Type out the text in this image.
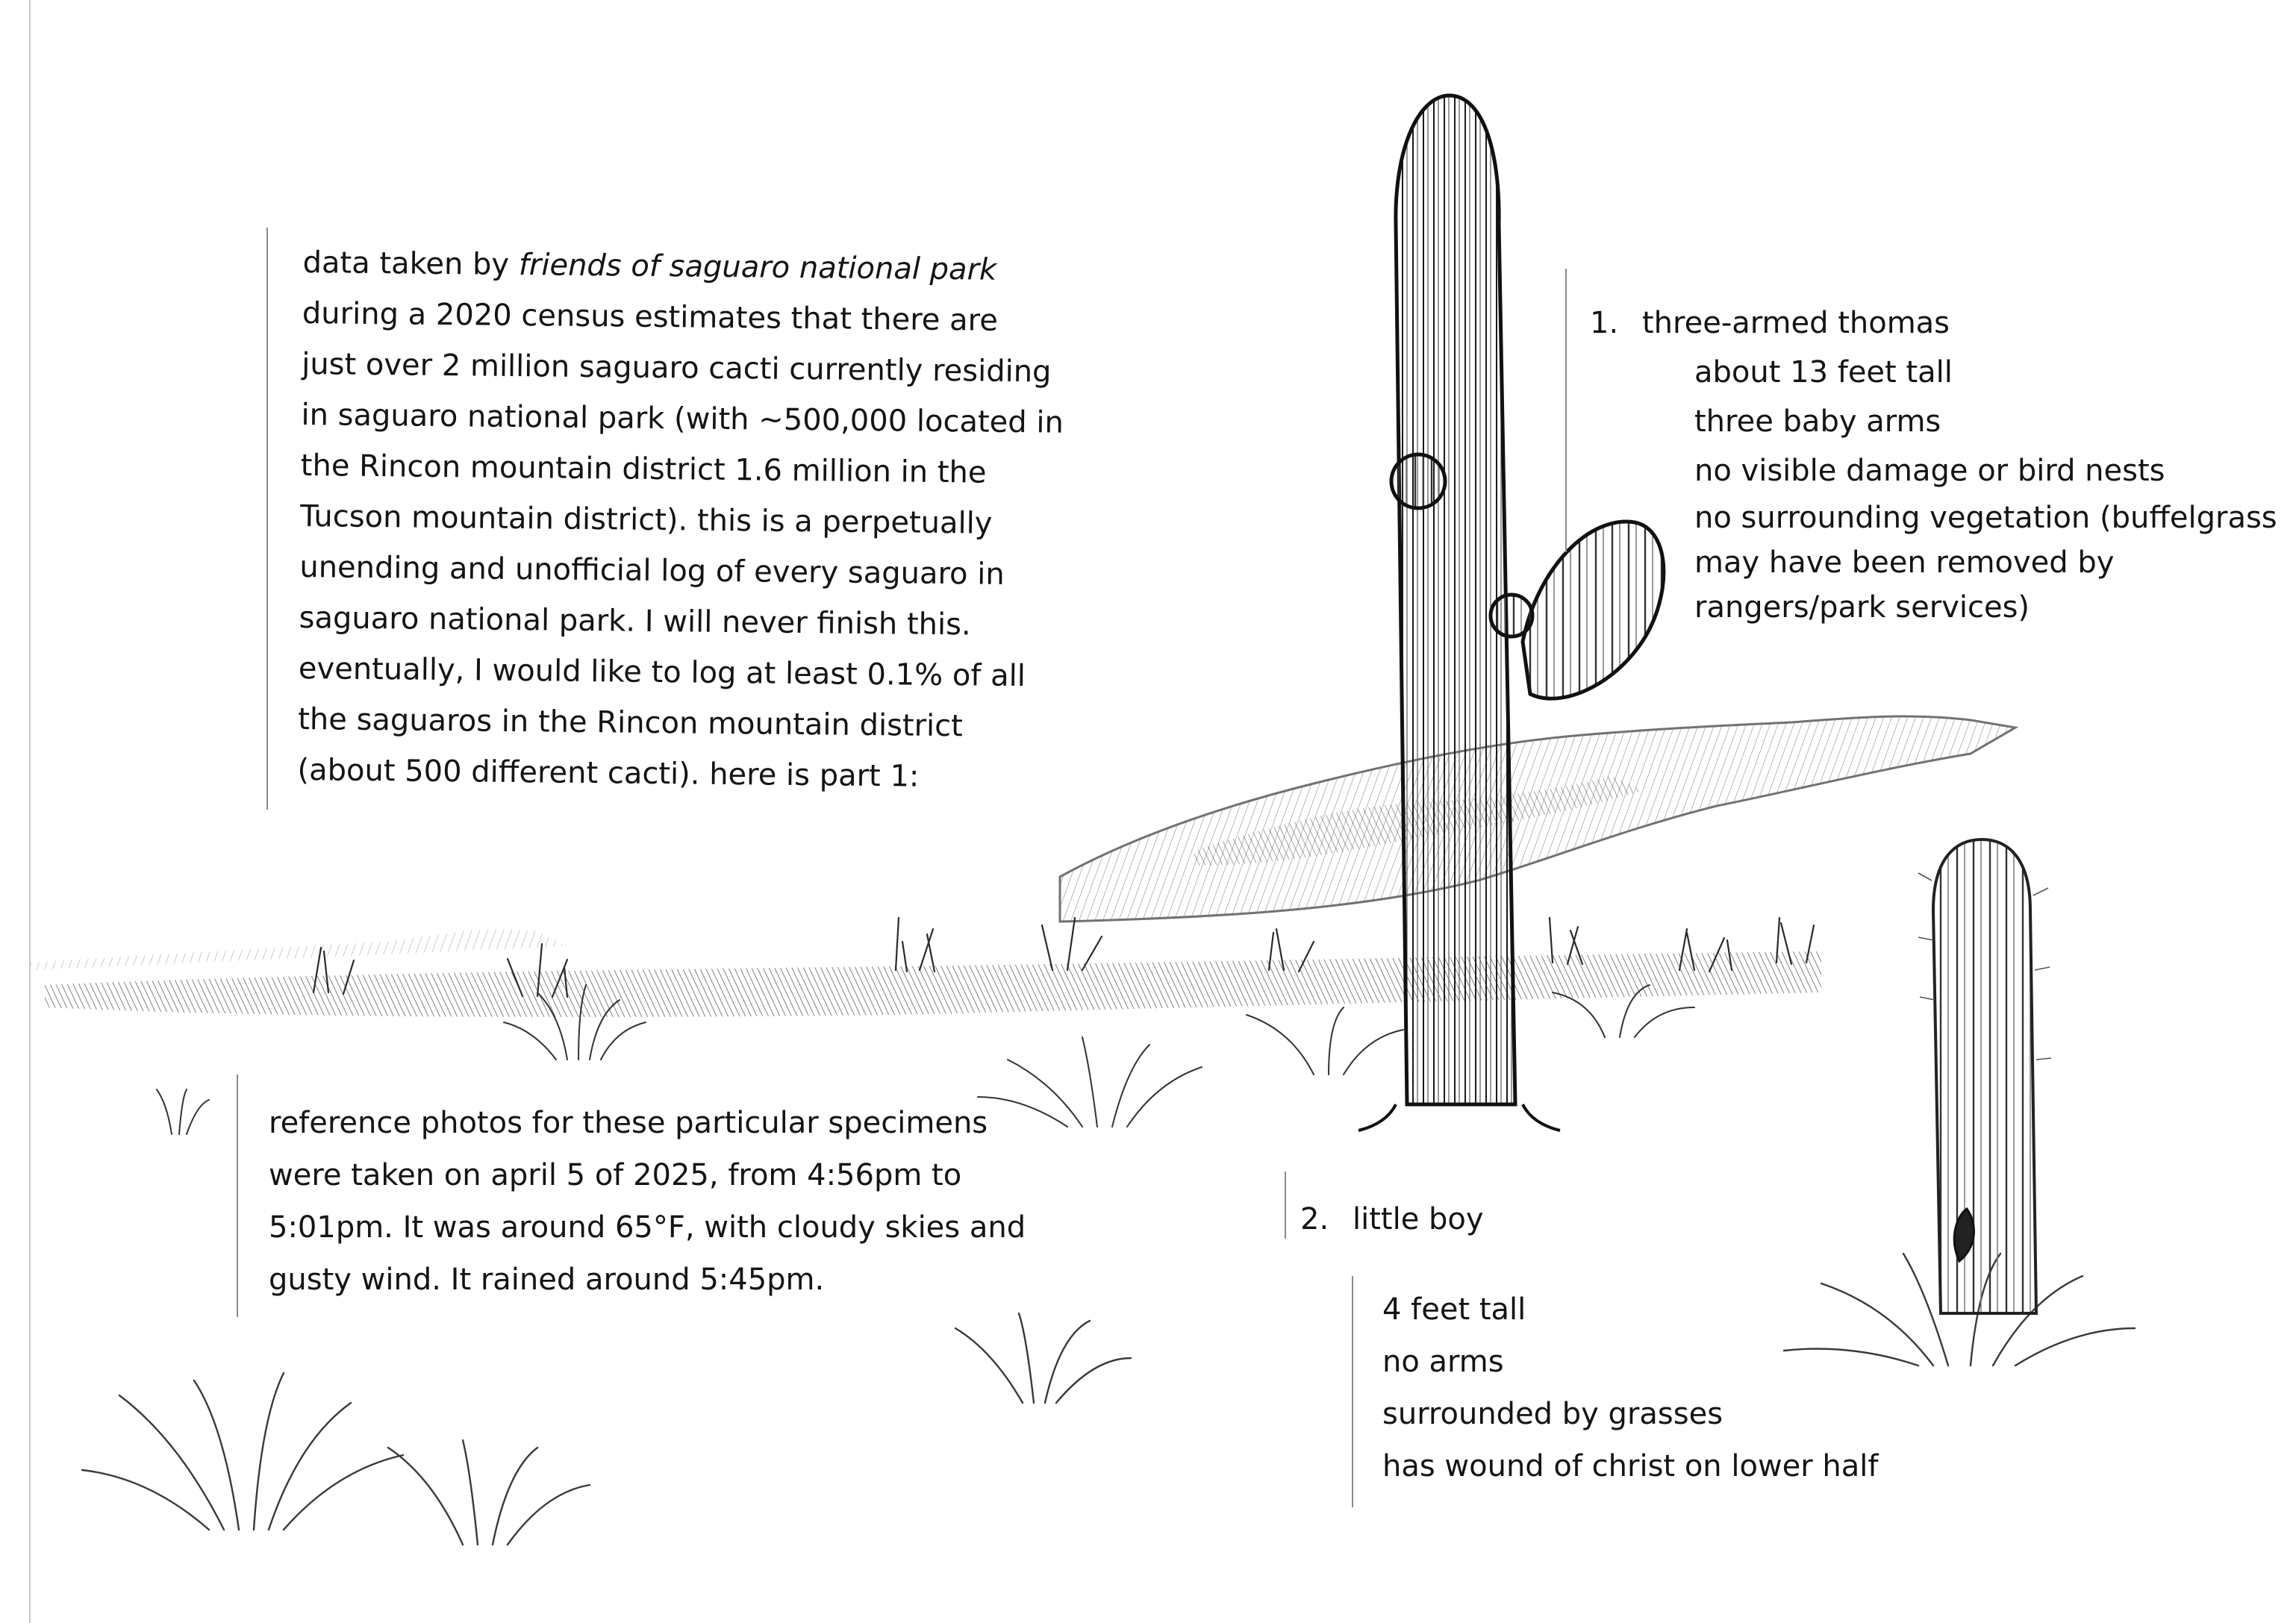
data taken by friends of saguaro national park
during a 2020 census estimates that there are
just over 2 million saguaro cacti currently residing
in saguaro national park (with ~500,000 located in
the Rincon mountain district 1.6 million in the
Tucson mountain district). this is a perpetually
unending and unofficial log of every saguaro in
saguaro national park. I will never finish this.
eventually, I would like to log at least 0.1% of all
the saguaros in the Rincon mountain district
(about 500 different cacti). here is part 1:
reference photos for these particular specimens
were taken on april 5 of 2025, from 4:56pm to
5:01pm. It was around 65°F, with cloudy skies and
gusty wind. It rained around 5:45pm.
1. three-armed thomas
about 13 feet tall
three baby arms
no visible damage or bird nests
no surrounding vegetation (buffelgrass
may have been removed by
rangers/park services)
2. little boy
4 feet tall
no arms
surrounded by grasses
has wound of christ on lower half
